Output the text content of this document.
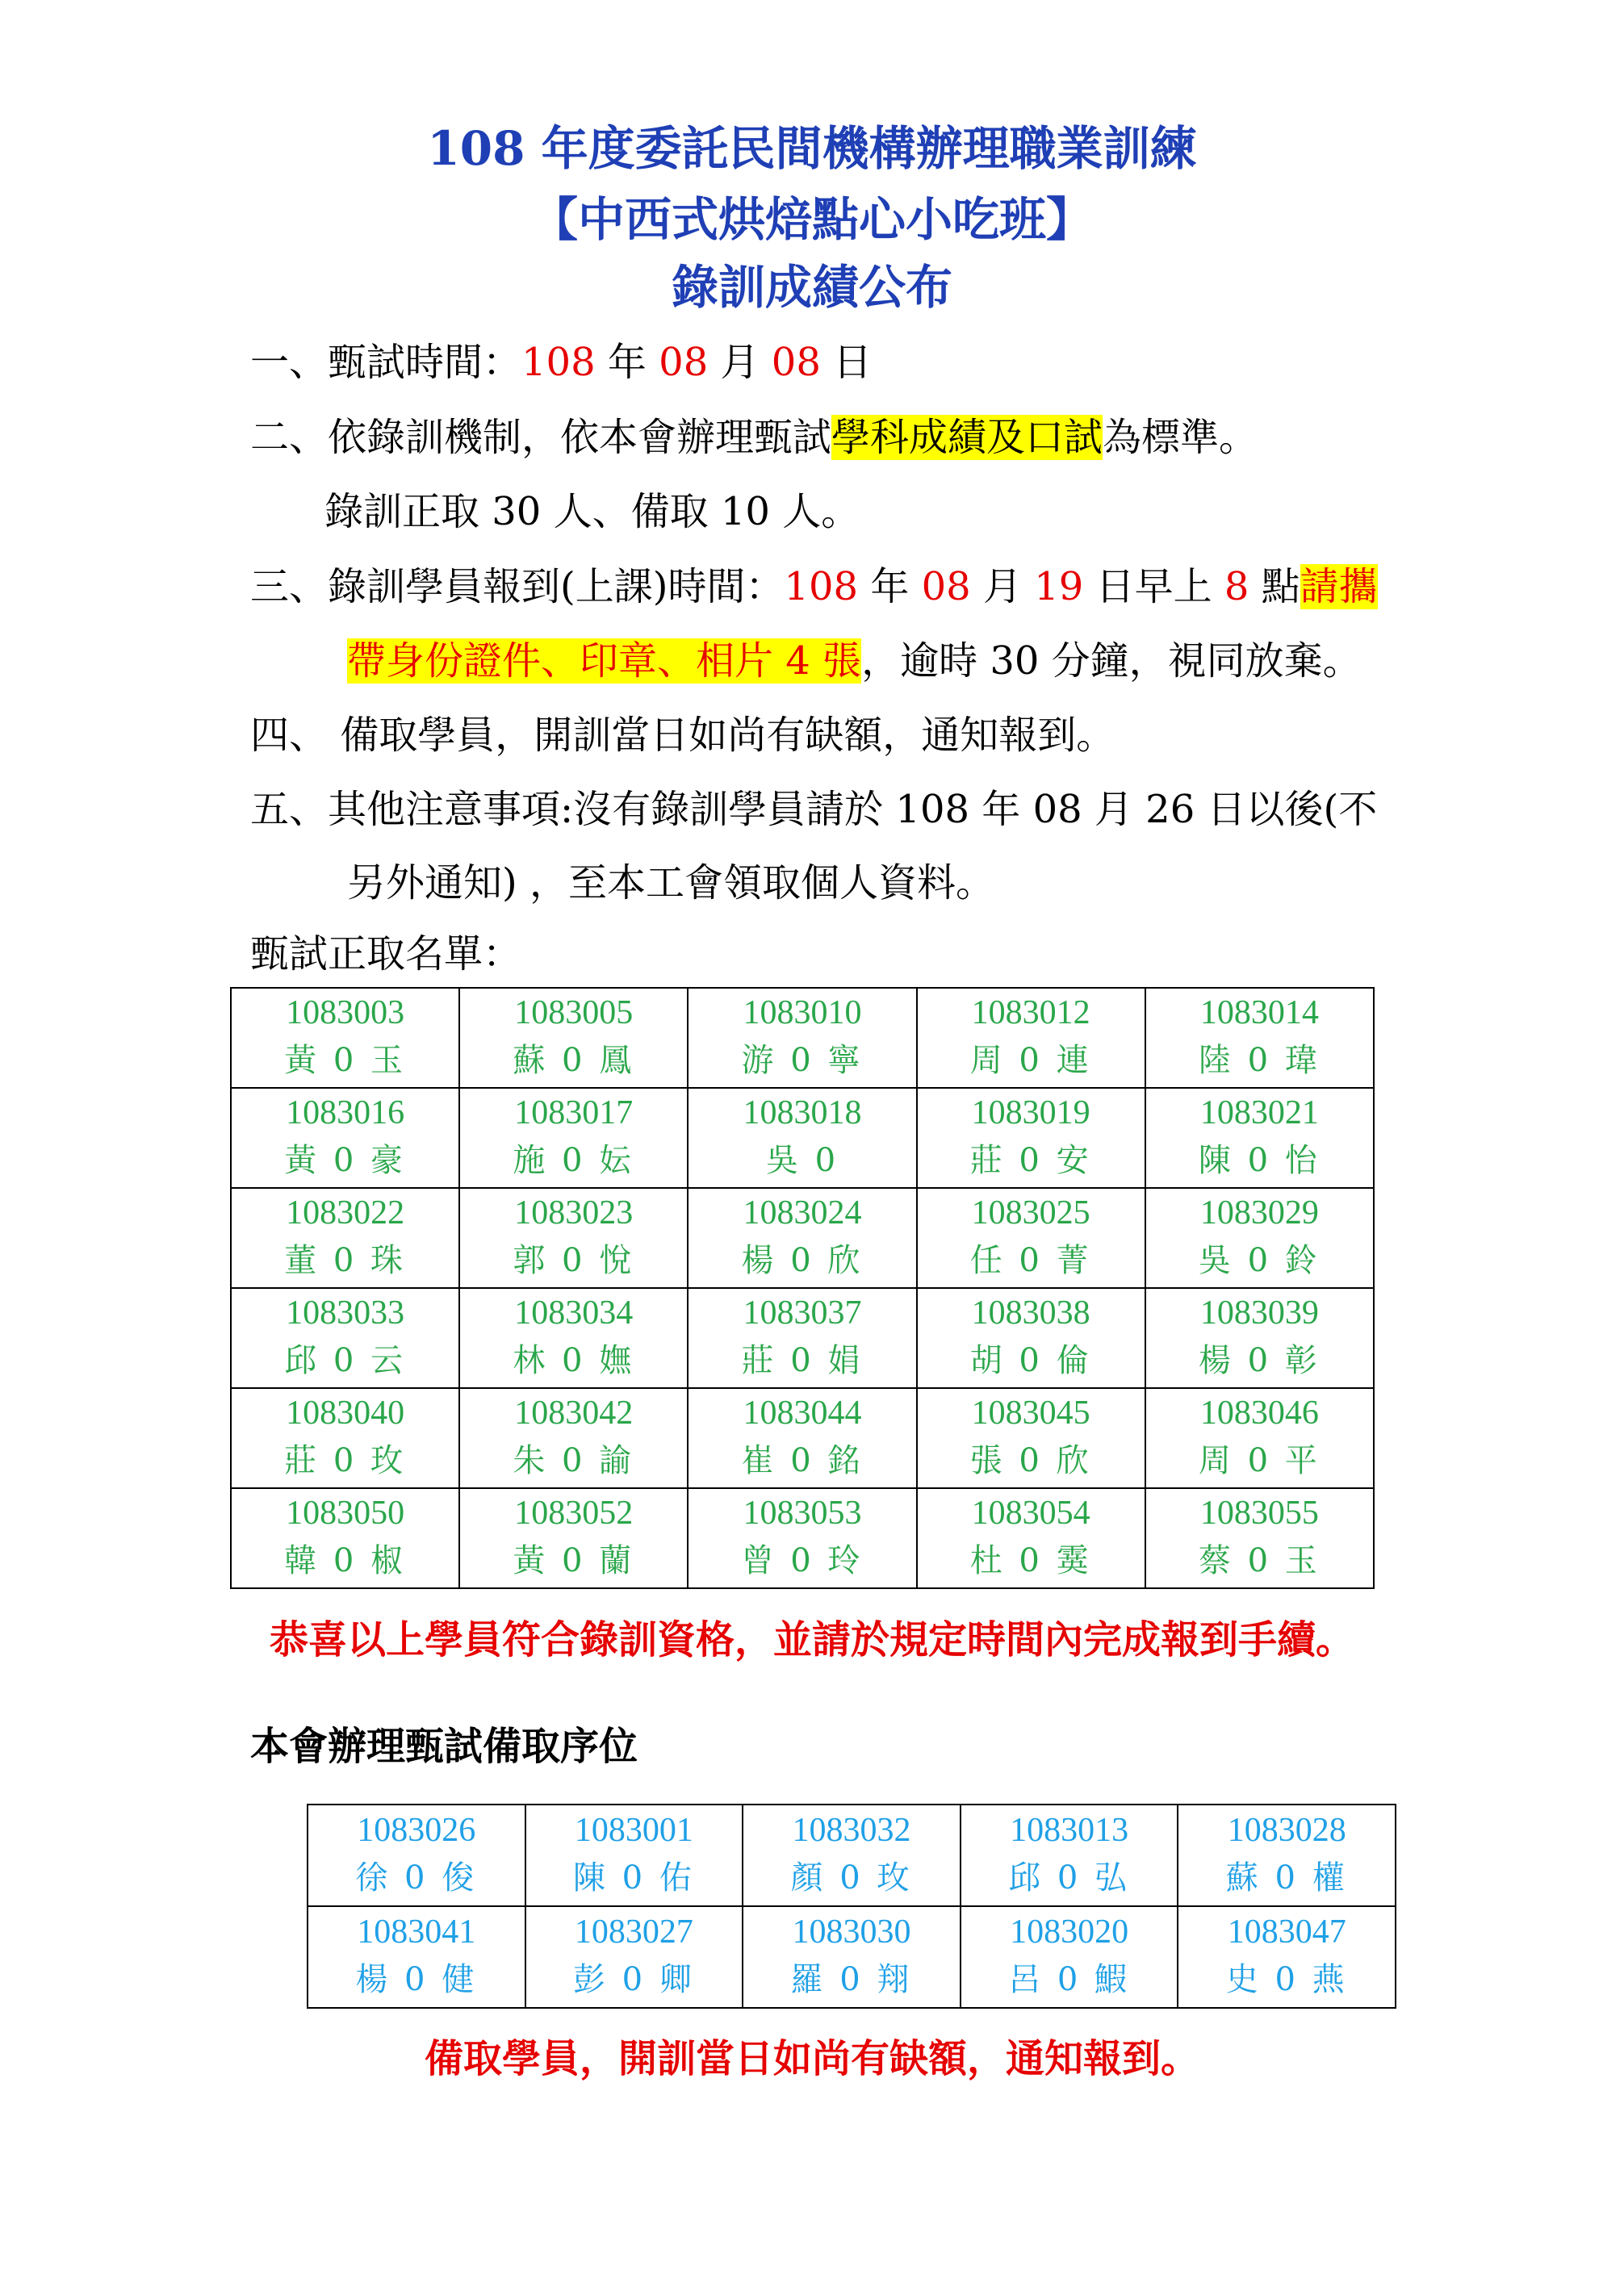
108 年度委託民間機構辦理職業訓練
【中西式烘焙點心小吃班】
錄訓成績公布
一、甄試時間：108 年 08 月 08 日
二、依錄訓機制，依本會辦理甄試學科成績及口試為標準。
錄訓正取 30 人、備取 10 人。
三、錄訓學員報到(上課)時間：108 年 08 月 19 日早上 8 點請攜
帶身份證件、印章、相片 4 張，逾時 30 分鐘，視同放棄。
四、 備取學員，開訓當日如尚有缺額，通知報到。
五、其他注意事項:沒有錄訓學員請於 108 年 08 月 26 日以後(不
另外通知) ，至本工會領取個人資料。
甄試正取名單：
1083003
黃 0 玉	1083005
蘇 0 鳳	1083010
游 0 寧	1083012
周 0 連	1083014
陸 0 瑋

1083016
黃 0 豪	1083017
施 0 妘	1083018
吳 0	1083019
莊 0 安	1083021
陳 0 怡

1083022
董 0 珠	1083023
郭 0 悅	1083024
楊 0 欣	1083025
任 0 菁	1083029
吳 0 鈴

1083033
邱 0 云	1083034
林 0 嫵	1083037
莊 0 娟	1083038
胡 0 倫	1083039
楊 0 彰

1083040
莊 0 玫	1083042
朱 0 諭	1083044
崔 0 銘	1083045
張 0 欣	1083046
周 0 平

1083050
韓 0 椒	1083052
黃 0 蘭	1083053
曾 0 玲	1083054
杜 0 霙	1083055
蔡 0 玉
恭喜以上學員符合錄訓資格，並請於規定時間內完成報到手續。
本會辦理甄試備取序位
1083026
徐 0 俊	1083001
陳 0 佑	1083032
顏 0 玫	1083013
邱 0 弘	1083028
蘇 0 權

1083041
楊 0 健	1083027
彭 0 卿	1083030
羅 0 翔	1083020
呂 0 鰕	1083047
史 0 燕
備取學員，開訓當日如尚有缺額，通知報到。
